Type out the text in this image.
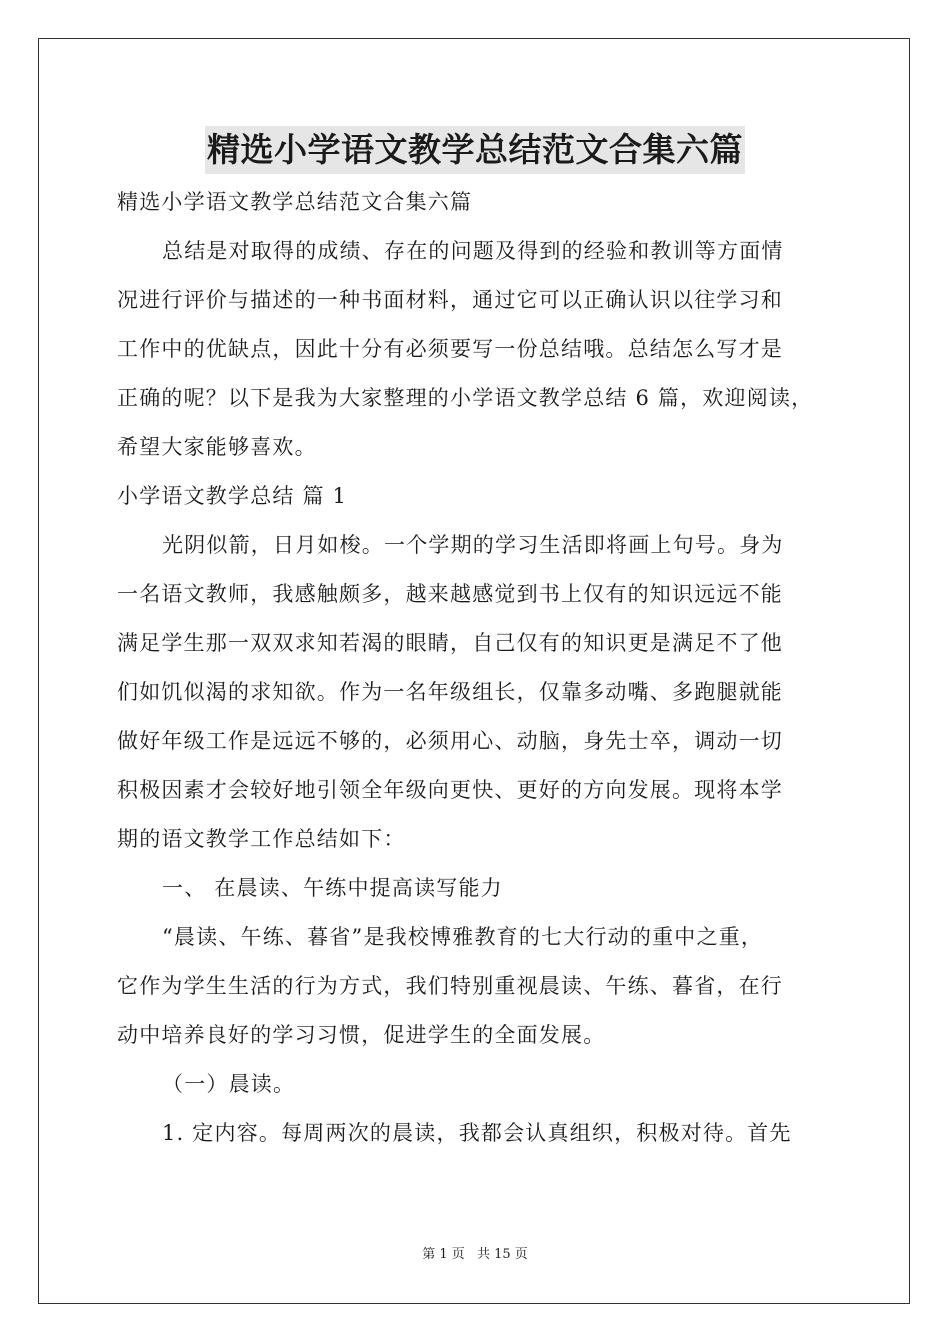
精选小学语文教学总结范文合集六篇
精选小学语文教学总结范文合集六篇
总结是对取得的成绩、存在的问题及得到的经验和教训等方面情
况进行评价与描述的一种书面材料，通过它可以正确认识以往学习和
工作中的优缺点，因此十分有必须要写一份总结哦。总结怎么写才是
正确的呢？以下是我为大家整理的小学语文教学总结 6 篇，欢迎阅读，
希望大家能够喜欢。
小学语文教学总结 篇 1
光阴似箭，日月如梭。一个学期的学习生活即将画上句号。身为
一名语文教师，我感触颇多，越来越感觉到书上仅有的知识远远不能
满足学生那一双双求知若渴的眼睛，自己仅有的知识更是满足不了他
们如饥似渴的求知欲。作为一名年级组长，仅靠多动嘴、多跑腿就能
做好年级工作是远远不够的，必须用心、动脑，身先士卒，调动一切
积极因素才会较好地引领全年级向更快、更好的方向发展。现将本学
期的语文教学工作总结如下：
一、 在晨读、午练中提高读写能力
“晨读、午练、暮省”是我校博雅教育的七大行动的重中之重，
它作为学生生活的行为方式，我们特别重视晨读、午练、暮省，在行
动中培养良好的学习习惯，促进学生的全面发展。
（一）晨读。
1. 定内容。每周两次的晨读，我都会认真组织，积极对待。首先
第 1 页 共 15 页
